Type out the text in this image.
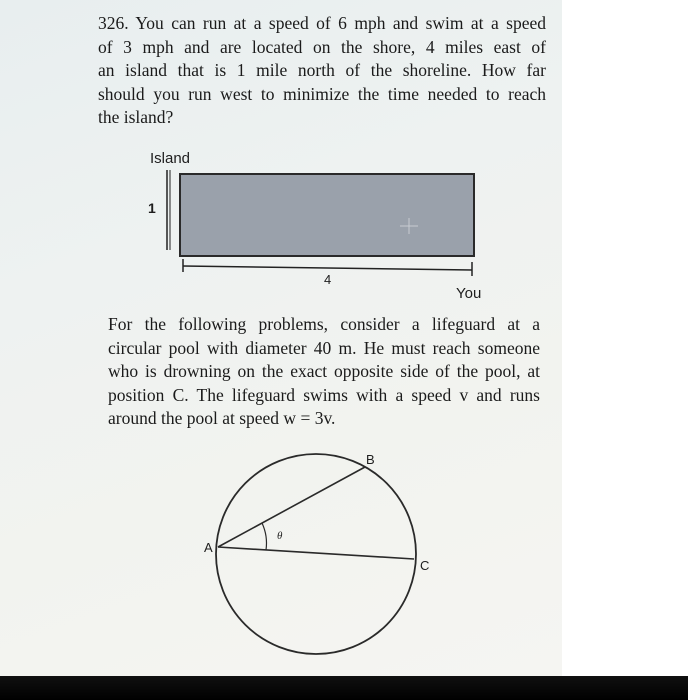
326. You can run at a speed of 6 mph and swim at a speed
of 3 mph and are located on the shore, 4 miles east of
an island that is 1 mile north of the shoreline. How far
should you run west to minimize the time needed to reach
the island?
Island
1
4
You
For the following problems, consider a lifeguard at a
circular pool with diameter 40 m. He must reach someone
who is drowning on the exact opposite side of the pool, at
position C. The lifeguard swims with a speed v and runs
around the pool at speed w = 3v.
A
B
C
θ
